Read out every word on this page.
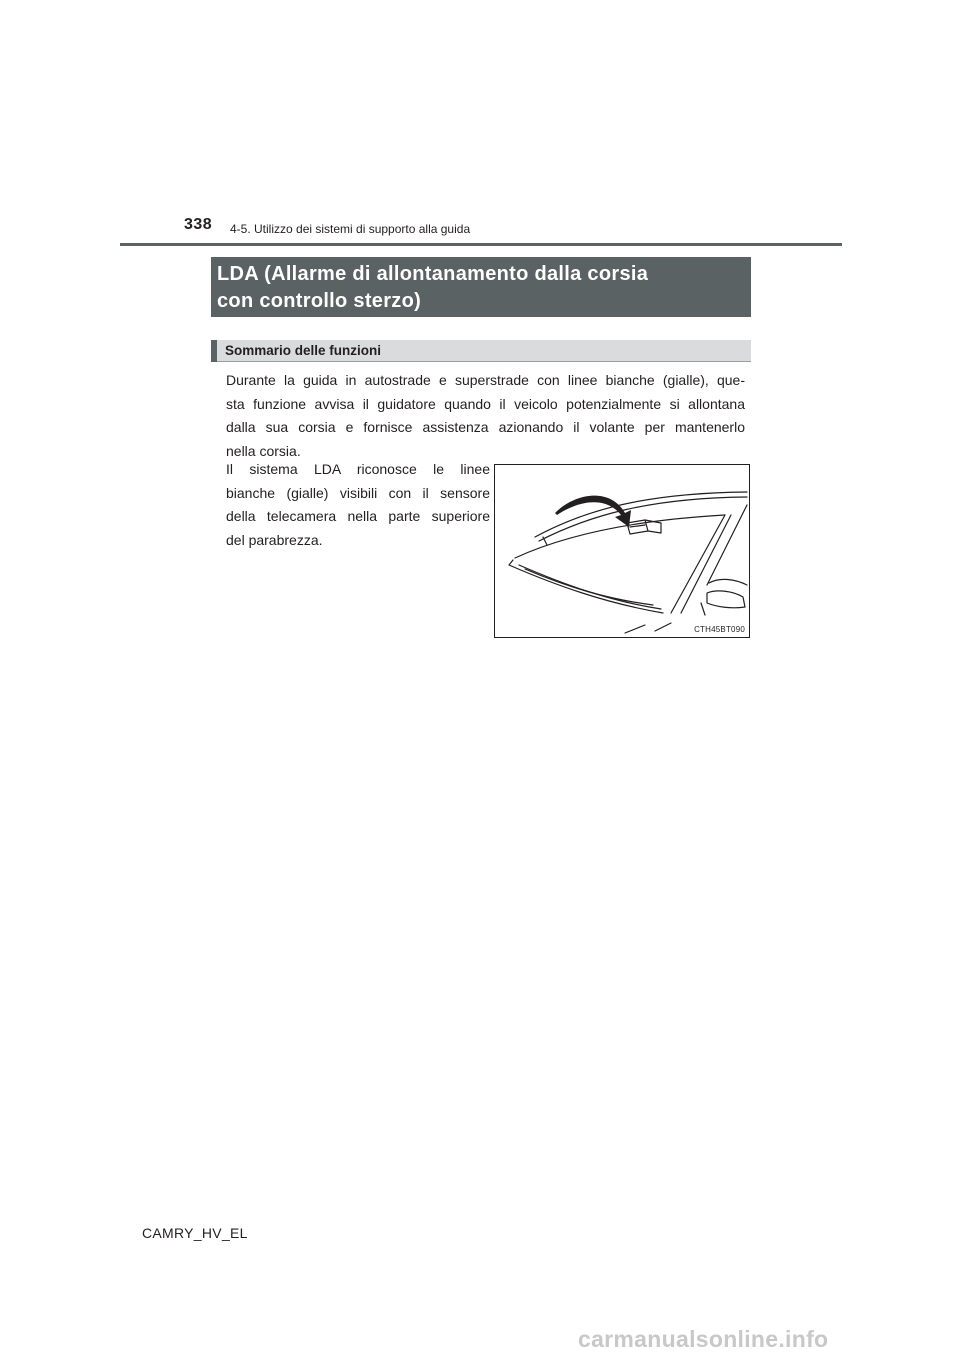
338 4-5. Utilizzo dei sistemi di supporto alla guida
LDA (Allarme di allontanamento dalla corsia
con controllo sterzo)
Sommario delle funzioni
Durante la guida in autostrade e superstrade con linee bianche (gialle), que-
sta funzione avvisa il guidatore quando il veicolo potenzialmente si allontana
dalla sua corsia e fornisce assistenza azionando il volante per mantenerlo
nella corsia.
Il sistema LDA riconosce le linee
bianche (gialle) visibili con il sensore
della telecamera nella parte superiore
del parabrezza.
CTH45BT090
CAMRY_HV_EL
carmanualsonline.info
